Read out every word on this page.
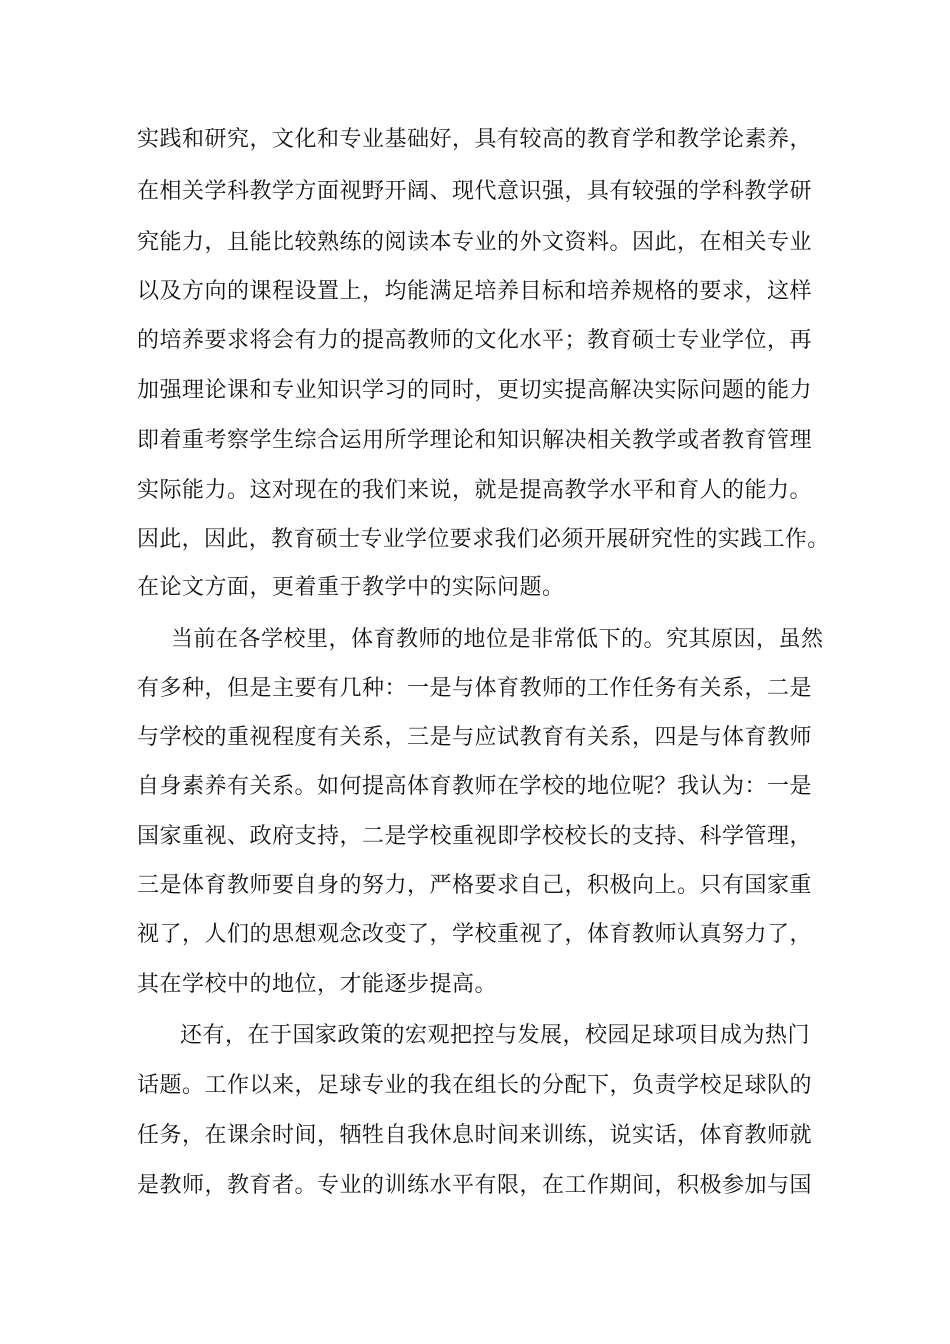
实践和研究，文化和专业基础好，具有较高的教育学和教学论素养，
在相关学科教学方面视野开阔、现代意识强，具有较强的学科教学研
究能力，且能比较熟练的阅读本专业的外文资料。因此，在相关专业
以及方向的课程设置上，均能满足培养目标和培养规格的要求，这样
的培养要求将会有力的提高教师的文化水平；教育硕士专业学位，再
加强理论课和专业知识学习的同时，更切实提高解决实际问题的能力
即着重考察学生综合运用所学理论和知识解决相关教学或者教育管理
实际能力。这对现在的我们来说，就是提高教学水平和育人的能力。
因此，因此，教育硕士专业学位要求我们必须开展研究性的实践工作。
在论文方面，更着重于教学中的实际问题。
当前在各学校里，体育教师的地位是非常低下的。究其原因，虽然
有多种，但是主要有几种：一是与体育教师的工作任务有关系，二是
与学校的重视程度有关系，三是与应试教育有关系，四是与体育教师
自身素养有关系。如何提高体育教师在学校的地位呢？我认为：一是
国家重视、政府支持，二是学校重视即学校校长的支持、科学管理，
三是体育教师要自身的努力，严格要求自己，积极向上。只有国家重
视了，人们的思想观念改变了，学校重视了，体育教师认真努力了，
其在学校中的地位，才能逐步提高。
还有，在于国家政策的宏观把控与发展，校园足球项目成为热门
话题。工作以来，足球专业的我在组长的分配下，负责学校足球队的
任务，在课余时间，牺牲自我休息时间来训练，说实话，体育教师就
是教师，教育者。专业的训练水平有限，在工作期间，积极参加与国
